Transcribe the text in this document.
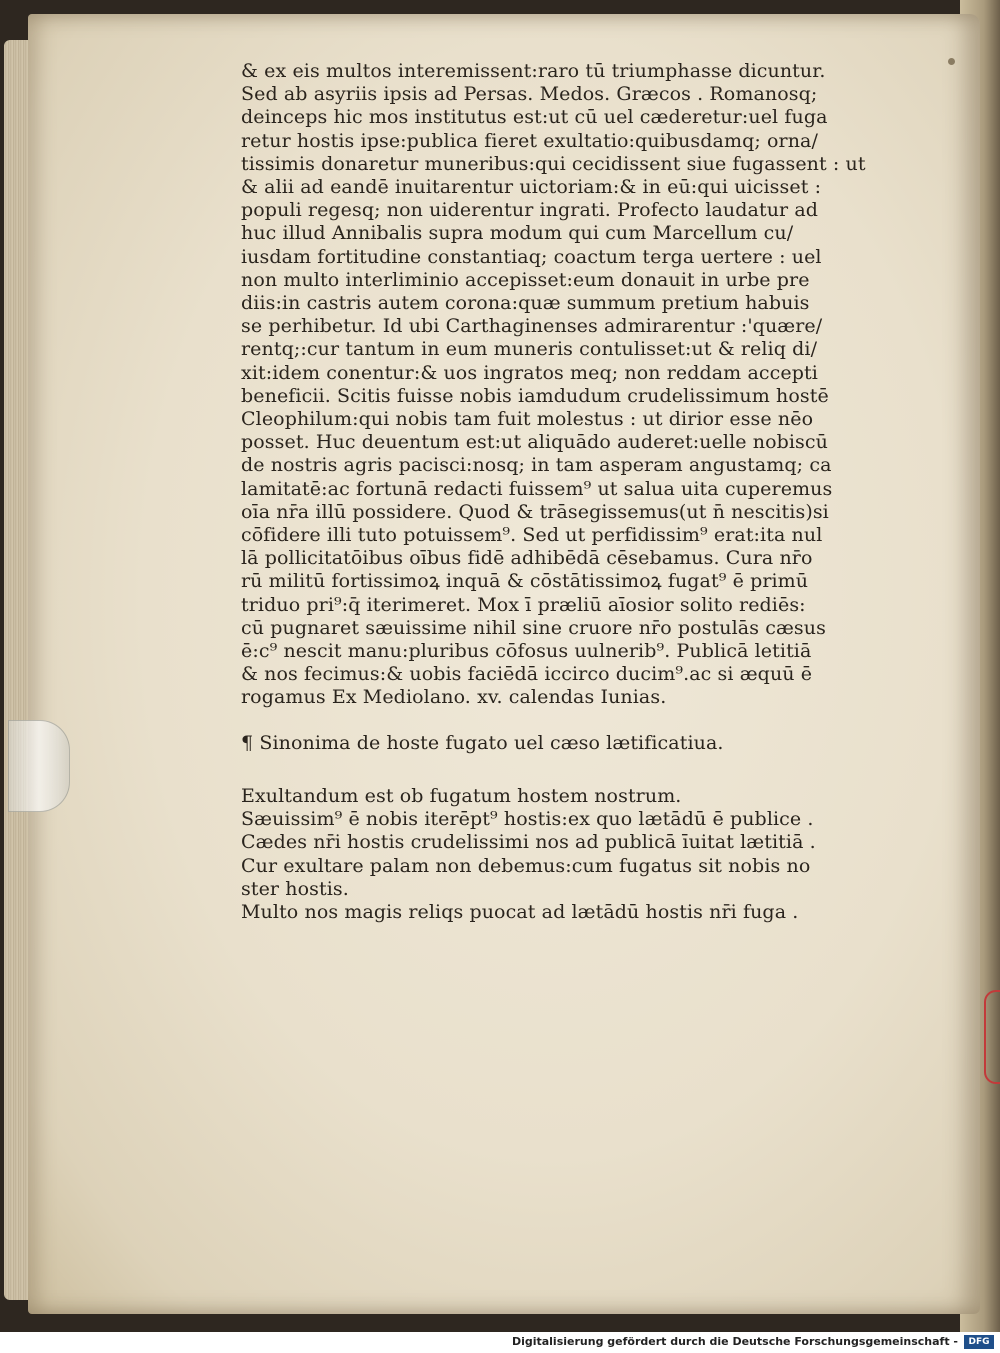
& ex eis multos interemissent:raro tū triumphasse dicuntur.
Sed ab asyriis ipsis ad Persas. Medos. Græcos . Romanosq;
deinceps hic mos institutus est:ut cū uel cæderetur:uel fuga
retur hostis ipse:publica fieret exultatio:quibusdamq; orna/
tissimis donaretur muneribus:qui cecidissent siue fugassent : ut
& alii ad eandē inuitarentur uictoriam:& in eū:qui uicisset :
populi regesq; non uiderentur ingrati. Profecto laudatur ad
huc illud Annibalis supra modum qui cum Marcellum cu/
iusdam fortitudine constantiaq; coactum terga uertere : uel
non multo interliminio accepisset:eum donauit in urbe pre
diis:in castris autem corona:quæ summum pretium habuis
se perhibetur. Id ubi Carthaginenses admirarentur :'quære/
rentq;:cur tantum in eum muneris contulisset:ut & reliq di/
xit:idem conentur:& uos ingratos meq; non reddam accepti
beneficii. Scitis fuisse nobis iamdudum crudelissimum hostē
Cleophilum:qui nobis tam fuit molestus : ut dirior esse nēo
posset. Huc deuentum est:ut aliquādo auderet:uelle nobiscū
de nostris agris pacisci:nosq; in tam asperam angustamq; ca
lamitatē:ac fortunā redacti fuissem⁹ ut salua uita cuperemus
oīa nr̄a illū possidere. Quod & trāsegissemus(ut n̄ nescitis)si
cōfidere illi tuto potuissem⁹. Sed ut perfidissim⁹ erat:ita nul
lā pollicitatōibus oībus fidē adhibēdā cēsebamus. Cura nr̄o
rū militū fortissimoꝝ inquā & cōstātissimoꝝ fugat⁹ ē primū
triduo pri⁹:q̄ iterimeret. Mox ī præliū aīosior solito rediēs:
cū pugnaret sæuissime nihil sine cruore nr̄o postulās cæsus
ē:c⁹ nescit manu:pluribus cōfosus uulnerib⁹. Publicā letitiā
& nos fecimus:& uobis faciēdā iccirco ducim⁹.ac si æquū ē
rogamus Ex Mediolano. xv. calendas Iunias.
¶ Sinonima de hoste fugato uel cæso lætificatiua.
Exultandum est ob fugatum hostem nostrum.
Sæuissim⁹ ē nobis iterēpt⁹ hostis:ex quo lætādū ē publice .
Cædes nr̄i hostis crudelissimi nos ad publicā īuitat lætitiā .
Cur exultare palam non debemus:cum fugatus sit nobis no
ster hostis.
Multo nos magis reliqs puocat ad lætādū hostis nr̄i fuga .
Digitalisierung gefördert durch die Deutsche Forschungsgemeinschaft -	DFG
